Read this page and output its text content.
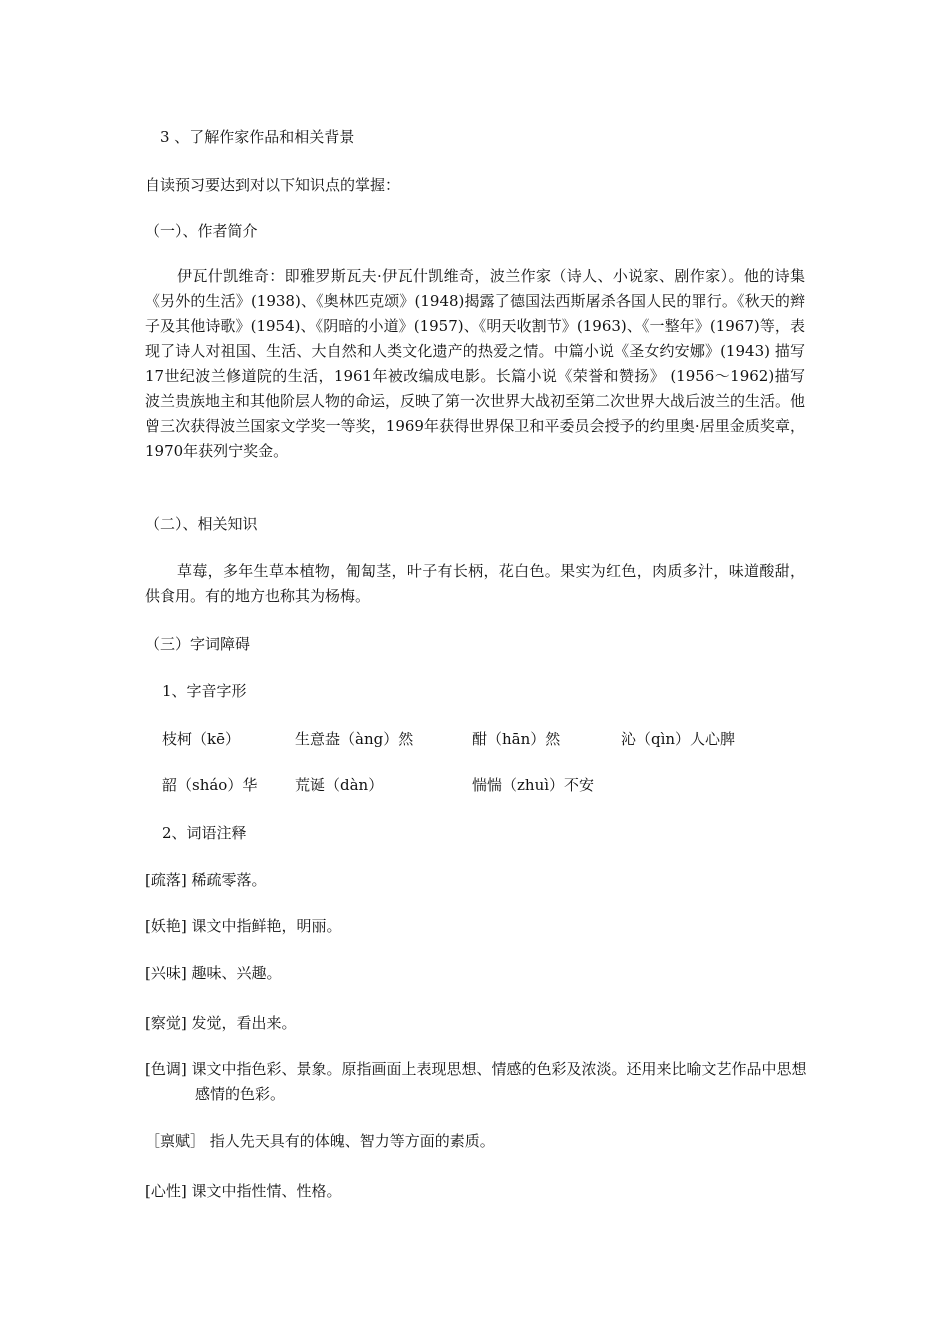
3 、了解作家作品和相关背景
自读预习要达到对以下知识点的掌握：
（一）、作者简介
伊瓦什凯维奇：即雅罗斯瓦夫·伊瓦什凯维奇，波兰作家（诗人、小说家、剧作家）。他的诗集《另外的生活》(1938)、《奥林匹克颂》(1948)揭露了德国法西斯屠杀各国人民的罪行。《秋天的辫子及其他诗歌》(1954)、《阴暗的小道》(1957)、《明天收割节》(1963)、《一整年》(1967)等，表现了诗人对祖国、生活、大自然和人类文化遗产的热爱之情。中篇小说《圣女约安娜》(1943) 描写17世纪波兰修道院的生活，1961年被改编成电影。长篇小说《荣誉和赞扬》 (1956～1962)描写波兰贵族地主和其他阶层人物的命运，反映了第一次世界大战初至第二次世界大战后波兰的生活。他曾三次获得波兰国家文学奖一等奖，1969年获得世界保卫和平委员会授予的约里奥·居里金质奖章，1970年获列宁奖金。
（二）、相关知识
草莓，多年生草本植物，匍匐茎，叶子有长柄，花白色。果实为红色，肉质多汁，味道酸甜，供食用。有的地方也称其为杨梅。
（三）字词障碍
1、字音字形
枝柯（kē）	生意盎（àng）然	酣（hān）然	沁（qìn）人心脾
韶（sháo）华	荒诞（dàn）	惴惴（zhuì）不安
2、词语注释
[疏落] 稀疏零落。
[妖艳] 课文中指鲜艳，明丽。
[兴味] 趣味、兴趣。
[察觉] 发觉，看出来。
[色调] 课文中指色彩、景象。原指画面上表现思想、情感的色彩及浓淡。还用来比喻文艺作品中思想感情的色彩。
［禀赋］ 指人先天具有的体魄、智力等方面的素质。
[心性] 课文中指性情、性格。
